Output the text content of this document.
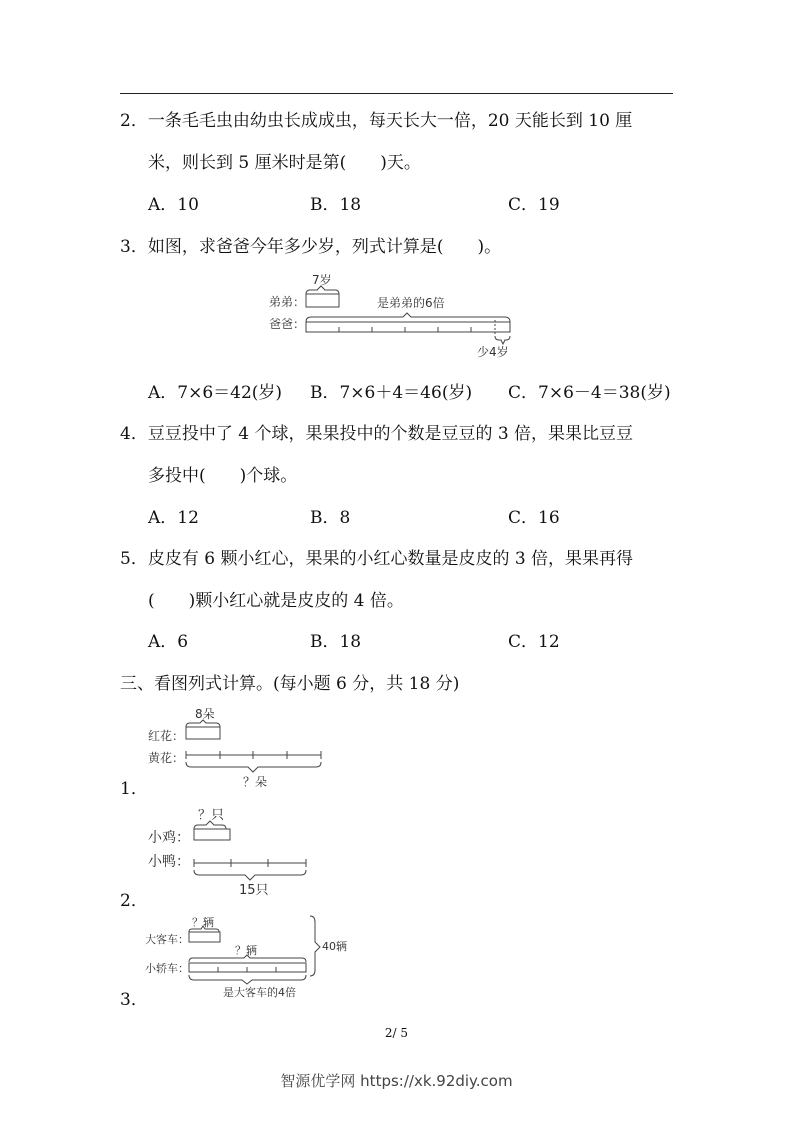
2．一条毛毛虫由幼虫长成成虫，每天长大一倍，20 天能长到 10 厘
米，则长到 5 厘米时是第(　　)天。
A．10	B．18	C．19
3．如图，求爸爸今年多少岁，列式计算是(　　)。
弟弟：
爸爸：
7岁
是弟弟的6倍
少4岁
A．7×6＝42(岁) B．7×6＋4＝46(岁) C．7×6－4＝38(岁)
4．豆豆投中了 4 个球，果果投中的个数是豆豆的 3 倍，果果比豆豆
多投中(　　)个球。
A．12	B．8	C．16
5．皮皮有 6 颗小红心，果果的小红心数量是皮皮的 3 倍，果果再得
(　　)颗小红心就是皮皮的 4 倍。
A．6	B．18	C．12
三、看图列式计算。(每小题 6 分，共 18 分)
红花：
黄花：
8朵
？朵
1．
小鸡：
小鸭：
？只
15只
2．
大客车：
小轿车：
？辆
？辆
是大客车的4倍
40辆
3．
2/ 5
智源优学网 https://xk.92diy.com
